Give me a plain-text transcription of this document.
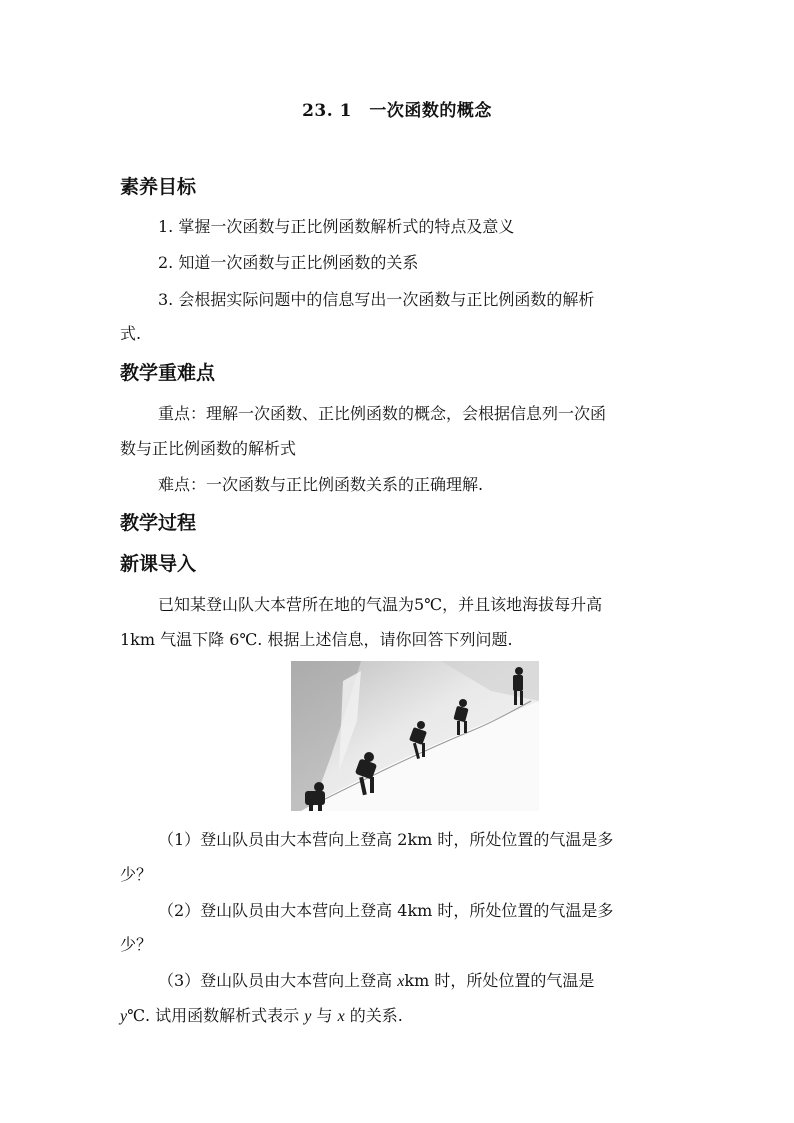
23. 1　一次函数的概念
素养目标
1. 掌握一次函数与正比例函数解析式的特点及意义
2. 知道一次函数与正比例函数的关系
3. 会根据实际问题中的信息写出一次函数与正比例函数的解析
式.
教学重难点
重点：理解一次函数、正比例函数的概念，会根据信息列一次函
数与正比例函数的解析式
难点：一次函数与正比例函数关系的正确理解.
教学过程
新课导入
已知某登山队大本营所在地的气温为5℃，并且该地海拔每升高
1km 气温下降 6℃. 根据上述信息，请你回答下列问题.
（1）登山队员由大本营向上登高 2km 时，所处位置的气温是多
少？
（2）登山队员由大本营向上登高 4km 时，所处位置的气温是多
少？
（3）登山队员由大本营向上登高 xkm 时，所处位置的气温是
y℃. 试用函数解析式表示 y 与 x 的关系.
